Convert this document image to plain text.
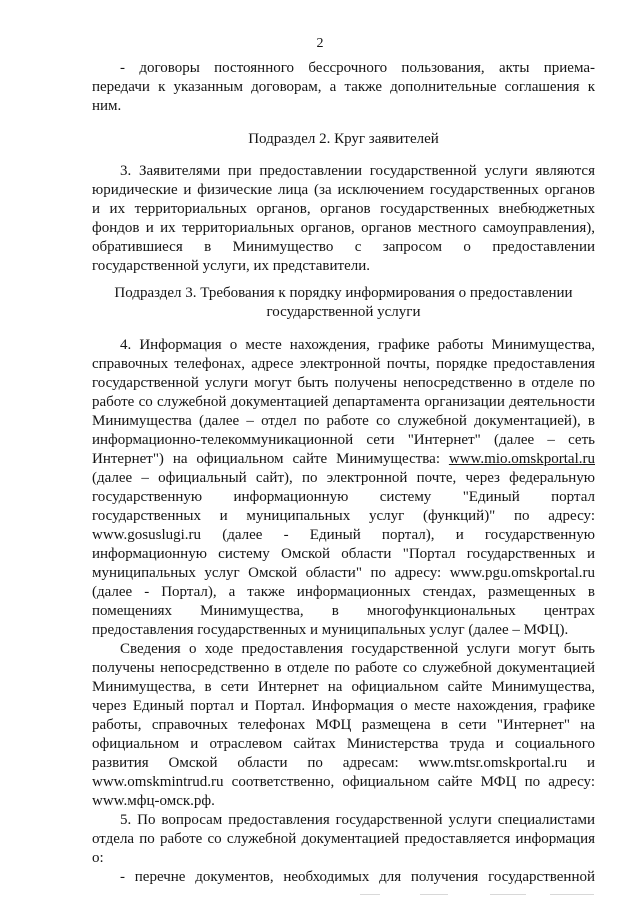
2
- договоры постоянного бессрочного пользования, акты приема-
передачи к указанным договорам, а также дополнительные соглашения к
ним.
Подраздел 2. Круг заявителей
3. Заявителями при предоставлении государственной услуги являются
юридические и физические лица (за исключением государственных органов
и их территориальных органов, органов государственных внебюджетных
фондов и их территориальных органов, органов местного самоуправления),
обратившиеся в Минимущество с запросом о предоставлении
государственной услуги, их представители.
Подраздел 3. Требования к порядку информирования о предоставлении
государственной услуги
4. Информация о месте нахождения, графике работы Минимущества,
справочных телефонах, адресе электронной почты, порядке предоставления
государственной услуги могут быть получены непосредственно в отделе по
работе со служебной документацией департамента организации деятельности
Минимущества (далее – отдел по работе со служебной документацией), в
информационно-телекоммуникационной сети "Интернет" (далее – сеть
Интернет") на официальном сайте Минимущества: www.mio.omskportal.ru
(далее – официальный сайт), по электронной почте, через федеральную
государственную информационную систему "Единый портал
государственных и муниципальных услуг (функций)" по адресу:
www.gosuslugi.ru (далее - Единый портал), и государственную
информационную систему Омской области "Портал государственных и
муниципальных услуг Омской области" по адресу: www.pgu.omskportal.ru
(далее - Портал), а также информационных стендах, размещенных в
помещениях Минимущества, в многофункциональных центрах
предоставления государственных и муниципальных услуг (далее – МФЦ).
Сведения о ходе предоставления государственной услуги могут быть
получены непосредственно в отделе по работе со служебной документацией
Минимущества, в сети Интернет на официальном сайте Минимущества,
через Единый портал и Портал. Информация о месте нахождения, графике
работы, справочных телефонах МФЦ размещена в сети "Интернет" на
официальном и отраслевом сайтах Министерства труда и социального
развития Омской области по адресам: www.mtsr.omskportal.ru и
www.omskmintrud.ru соответственно, официальном сайте МФЦ по адресу:
www.мфц-омск.рф.
5. По вопросам предоставления государственной услуги специалистами
отдела по работе со служебной документацией предоставляется информация
о:
- перечне документов, необходимых для получения государственной
